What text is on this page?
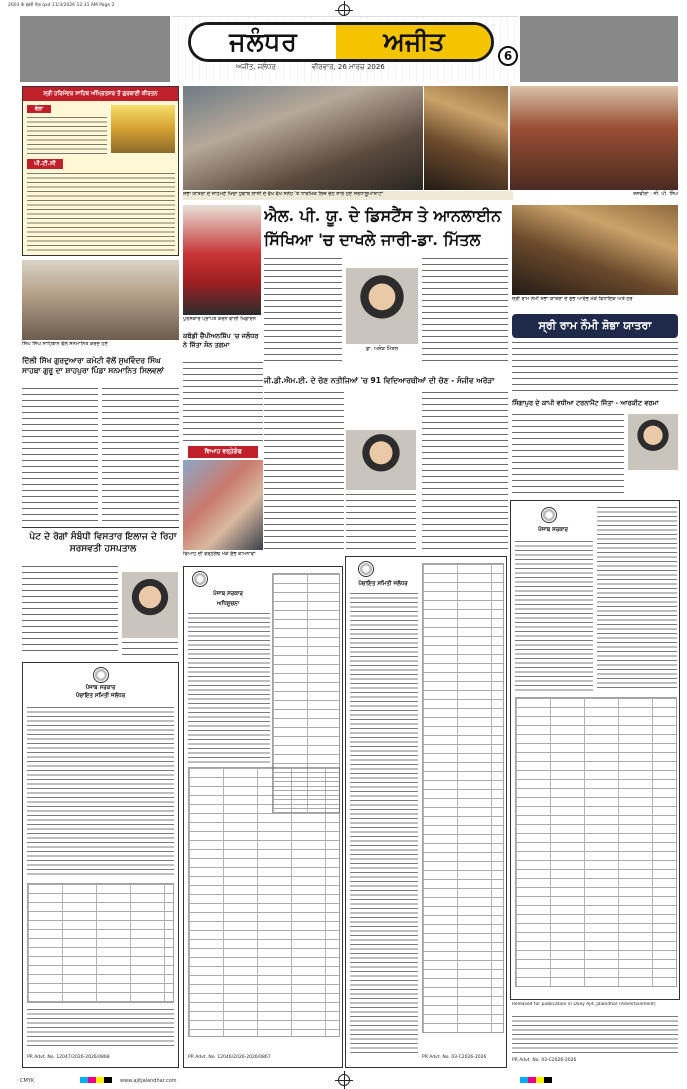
2603 के इंडरी पेज़ qxd 11/3/2026 12:31 AM Page 2
ਜਲੰਧਰ	ਅਜੀਤ
ਅਜੀਤ, ਜਲੰਧਰ	ਵੀਰਵਾਰ, 26 ਮਾਰਚ 2026
6
ਸ਼ੋਭਾ ਯਾਤਰਾ ਦੇ ਸਾਹਮਣੇ ਖਿਚਾ ਧੁਗਾਬ ਲਾਸੀ ਦੇ ਵੱਖ ਵੱਖ ਸਨੇਹ 'ਤੇ ਧਾਰਮਿਕ ਲਿਜ਼ ਚੇਹ ਸਾਰੇ ਹੋਏ ਸਰਧਾਲੂਆਂਸ਼ਾਟਾਂ	ਤਸਵੀਰਾਂ : ਜੀ. ਪੀ. ਸਿੰਘ
ਸ੍ਰੀ ਹਰਿਮੰਦਰ ਸਾਹਿਬ ਅੰਮ੍ਰਿਤਸਰ ਤੋਂ ਗੁਰਬਾਣੀ ਕੀਰਤਨ
ਵੇਲ਼ਾ
ਪੀ.ਟੀ.ਸੀ
ਸਿੰਘ ਸਿੰਘ ਸਾਹਿਬਾਨ ਵੱਲੋਂ ਸਨਮਾਨਿਤ ਕਰਦੇ ਹੋਏ
ਦਿੱਲੀ ਸਿੱਖ ਗੁਰਦੁਆਰਾ ਕਮੇਟੀ ਵੱਲੋਂ ਸੁਖਵਿੰਦਰ ਸਿੰਘ ਸਾਹਬਾ ਗੁਰੂ ਦਾ ਸ਼ਾਹਪੁਰਾ ਪਿੰਡਾ ਸਨਮਾਨਿਤ ਸਿਲਵਲਾਂ
ਪੇਟ ਦੇ ਰੋਗਾਂ ਸੰਬੰਧੀ ਵਿਸਤਾਰ ਇਲਾਜ ਦੇ ਰਿਹਾ ਸਰਸਵਤੀ ਹਸਪਤਾਲ
ਪੰਜਾਬ ਸਰਕਾਰ
ਪੰਚਾਇਤ ਸਮਿਤੀ ਜਲੰਧਰ
PR Advt. No. 12047/2026-2026/0868
ਪੁਰਸਕਾਰ ਪ੍ਰਾਪਤ ਕਰਨ ਵਾਲੀ ਖਿਡਾਰਨ
ਕਬੱਡੀ ਚੈਂਪੀਅਨਸ਼ਿੱਪ 'ਚ ਜਲੰਧਰ ਨੇ ਜਿੱਤਾ ਸੋਨ ਤਗਮਾ
ਵਿਆਹ ਵਰ੍ਹੇਗੰਢ
ਵਿਆਹ ਦੀ ਵਰ੍ਹੇਗੰਢ ਮੌਕੇ ਸ਼ੁੱਭ ਕਾਮਨਾਵਾਂ
ਐਲ. ਪੀ. ਯੂ. ਦੇ ਡਿਸਟੈਂਸ ਤੇ ਆਨਲਾਈਨ ਸਿੱਖਿਆ 'ਚ ਦਾਖਲੇ ਜਾਰੀ-ਡਾ. ਮਿੱਤਲ
ਡਾ. ਅਸ਼ੋਕ ਮਿੱਤਲ
ਜੀ.ਡੀ.ਐਮ.ਈ. ਦੇ ਚੋਣ ਨਤੀਜਿਆਂ 'ਚ 91 ਵਿਦਿਆਰਥੀਆਂ ਦੀ ਚੋਣ - ਸੰਜੀਵ ਅਰੋੜਾ
ਪੰਜਾਬ ਸਰਕਾਰ
ਅਧਿਸੂਚਨਾ
PR Advt. No. 12046/2026-2026/0867
ਪੰਚਾਇਤ ਸਮਿਤੀ ਜਲੰਧਰ
PR Advt. No. 03-C2026-2026
ਸ੍ਰੀ ਰਾਮ ਨੌਮੀ ਸ਼ੋਭਾ ਯਾਤਰਾ ਦੇ ਸ਼ੁਭ ਆਰੰਭ ਮੌਕੇ ਵਿਧਾਇਕ ਅਤੇ ਹੋਰ
ਸ੍ਰੀ ਰਾਮ ਨੌਮੀ ਸ਼ੋਭਾ ਯਾਤਰਾ
ਸਿੰਗਾਪੁਰ ਦੇ ਕਾਪੀ ਵਧੀਆ ਟਰਨਾਮੈਂਟ ਜਿੱਤਾ - ਆਰਕੀਟ ਵਰਮਾ
ਪੰਜਾਬ ਸਰਕਾਰ
Released for publication in Daily Ajit, Jalandhar (Advertisement)
PR Advt. No. 03-C2026-2026
CMYK	www.ajitjalandhar.com
